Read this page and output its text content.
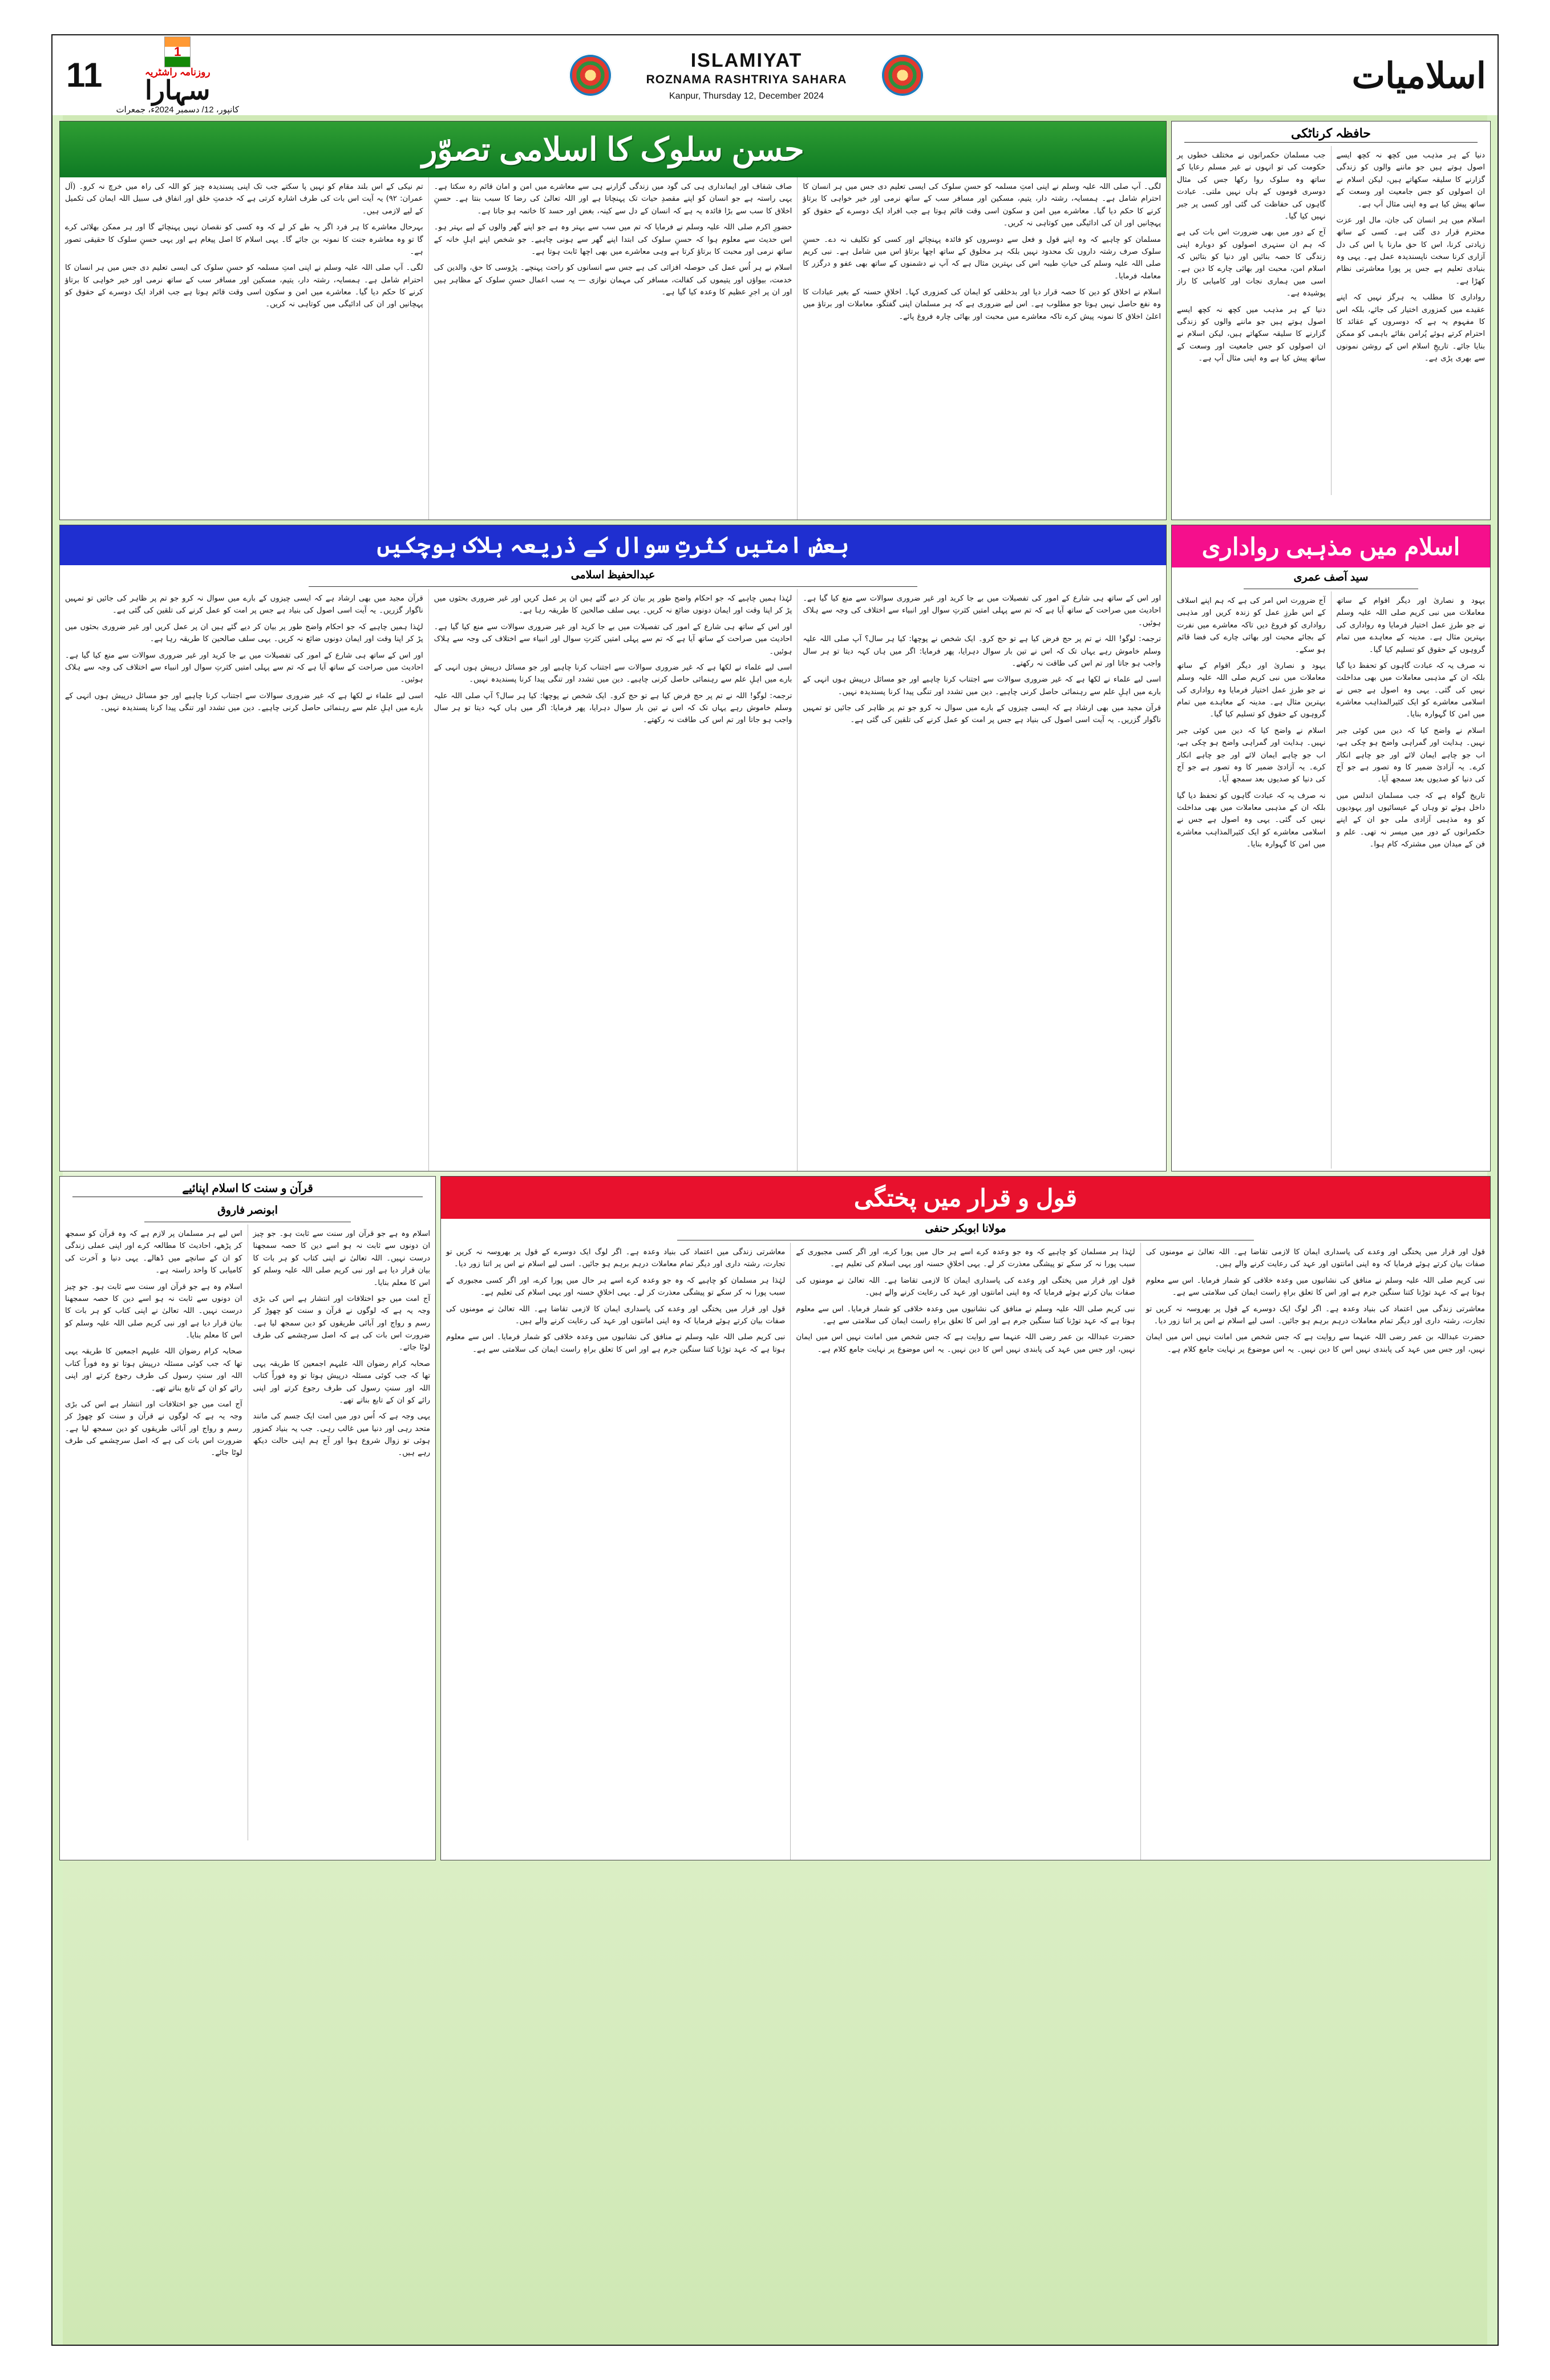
11
1
روزنامہ راشٹریہ
سہارا
کانپور، 12/ دسمبر 2024ء، جمعرات
ISLAMIYAT
ROZNAMA RASHTRIYA SAHARA
Kanpur, Thursday 12, December 2024
اسلامیات
حسن سلوک کا اسلامی تصوّر

لگی۔ آپ صلی اللہ علیہ وسلم نے اپنی امتِ مسلمہ کو حسنِ سلوک کی ایسی تعلیم دی جس میں ہر انسان کا احترام شامل ہے۔ ہمسایہ، رشتہ دار، یتیم، مسکین اور مسافر سب کے ساتھ نرمی اور خیر خواہی کا برتاؤ کرنے کا حکم دیا گیا۔ معاشرے میں امن و سکون اسی وقت قائم ہوتا ہے جب افراد ایک دوسرے کے حقوق کو پہچانیں اور ان کی ادائیگی میں کوتاہی نہ کریں۔

مسلمان کو چاہیے کہ وہ اپنے قول و فعل سے دوسروں کو فائدہ پہنچائے اور کسی کو تکلیف نہ دے۔ حسنِ سلوک صرف رشتہ داروں تک محدود نہیں بلکہ ہر مخلوق کے ساتھ اچھا برتاؤ اس میں شامل ہے۔ نبی کریم صلی اللہ علیہ وسلم کی حیاتِ طیبہ اس کی بہترین مثال ہے کہ آپ نے دشمنوں کے ساتھ بھی عفو و درگزر کا معاملہ فرمایا۔

اسلام نے اخلاق کو دین کا حصہ قرار دیا اور بدخلقی کو ایمان کی کمزوری کہا۔ اخلاقِ حسنہ کے بغیر عبادات کا وہ نفع حاصل نہیں ہوتا جو مطلوب ہے۔ اس لیے ضروری ہے کہ ہر مسلمان اپنی گفتگو، معاملات اور برتاؤ میں اعلیٰ اخلاق کا نمونہ پیش کرے تاکہ معاشرے میں محبت اور بھائی چارہ فروغ پائے۔

صاف شفاف اور ایمانداری ہی کی گود میں زندگی گزارنے ہی سے معاشرے میں امن و امان قائم رہ سکتا ہے۔ یہی راستہ ہے جو انسان کو اپنے مقصدِ حیات تک پہنچاتا ہے اور اللہ تعالیٰ کی رضا کا سبب بنتا ہے۔ حسنِ اخلاق کا سب سے بڑا فائدہ یہ ہے کہ انسان کے دل سے کینہ، بغض اور حسد کا خاتمہ ہو جاتا ہے۔

حضورِ اکرم صلی اللہ علیہ وسلم نے فرمایا کہ تم میں سب سے بہتر وہ ہے جو اپنے گھر والوں کے لیے بہتر ہو۔ اس حدیث سے معلوم ہوا کہ حسنِ سلوک کی ابتدا اپنے گھر سے ہونی چاہیے۔ جو شخص اپنے اہلِ خانہ کے ساتھ نرمی اور محبت کا برتاؤ کرتا ہے وہی معاشرے میں بھی اچھا ثابت ہوتا ہے۔

اسلام نے ہر اُس عمل کی حوصلہ افزائی کی ہے جس سے انسانوں کو راحت پہنچے۔ پڑوسی کا حق، والدین کی خدمت، بیواؤں اور یتیموں کی کفالت، مسافر کی مہمان نوازی — یہ سب اعمال حسنِ سلوک کے مظاہر ہیں اور ان پر اجرِ عظیم کا وعدہ کیا گیا ہے۔

تم نیکی کے اس بلند مقام کو نہیں پا سکتے جب تک اپنی پسندیدہ چیز کو اللہ کی راہ میں خرچ نہ کرو۔ (آل عمران: ۹۲) یہ آیت اس بات کی طرف اشارہ کرتی ہے کہ خدمتِ خلق اور انفاق فی سبیل اللہ ایمان کی تکمیل کے لیے لازمی ہیں۔

بہرحال معاشرے کا ہر فرد اگر یہ طے کر لے کہ وہ کسی کو نقصان نہیں پہنچائے گا اور ہر ممکن بھلائی کرے گا تو وہ معاشرہ جنت کا نمونہ بن جائے گا۔ یہی اسلام کا اصل پیغام ہے اور یہی حسنِ سلوک کا حقیقی تصور ہے۔

لگی۔ آپ صلی اللہ علیہ وسلم نے اپنی امتِ مسلمہ کو حسنِ سلوک کی ایسی تعلیم دی جس میں ہر انسان کا احترام شامل ہے۔ ہمسایہ، رشتہ دار، یتیم، مسکین اور مسافر سب کے ساتھ نرمی اور خیر خواہی کا برتاؤ کرنے کا حکم دیا گیا۔ معاشرے میں امن و سکون اسی وقت قائم ہوتا ہے جب افراد ایک دوسرے کے حقوق کو پہچانیں اور ان کی ادائیگی میں کوتاہی نہ کریں۔

حافظہ کرناٹکی

دنیا کے ہر مذہب میں کچھ نہ کچھ ایسے اصول ہوتے ہیں جو ماننے والوں کو زندگی گزارنے کا سلیقہ سکھاتے ہیں، لیکن اسلام نے ان اصولوں کو جس جامعیت اور وسعت کے ساتھ پیش کیا ہے وہ اپنی مثال آپ ہے۔

اسلام میں ہر انسان کی جان، مال اور عزت محترم قرار دی گئی ہے۔ کسی کے ساتھ زیادتی کرنا، اس کا حق مارنا یا اس کی دل آزاری کرنا سخت ناپسندیدہ عمل ہے۔ یہی وہ بنیادی تعلیم ہے جس پر پورا معاشرتی نظام کھڑا ہے۔

رواداری کا مطلب یہ ہرگز نہیں کہ اپنے عقیدے میں کمزوری اختیار کی جائے، بلکہ اس کا مفہوم یہ ہے کہ دوسروں کے عقائد کا احترام کرتے ہوئے پُرامن بقائے باہمی کو ممکن بنایا جائے۔ تاریخِ اسلام اس کے روشن نمونوں سے بھری پڑی ہے۔

جب مسلمان حکمرانوں نے مختلف خطوں پر حکومت کی تو انہوں نے غیر مسلم رعایا کے ساتھ وہ سلوک روا رکھا جس کی مثال دوسری قوموں کے ہاں نہیں ملتی۔ عبادت گاہوں کی حفاظت کی گئی اور کسی پر جبر نہیں کیا گیا۔

آج کے دور میں بھی ضرورت اس بات کی ہے کہ ہم ان سنہری اصولوں کو دوبارہ اپنی زندگی کا حصہ بنائیں اور دنیا کو بتائیں کہ اسلام امن، محبت اور بھائی چارے کا دین ہے۔ اسی میں ہماری نجات اور کامیابی کا راز پوشیدہ ہے۔

دنیا کے ہر مذہب میں کچھ نہ کچھ ایسے اصول ہوتے ہیں جو ماننے والوں کو زندگی گزارنے کا سلیقہ سکھاتے ہیں، لیکن اسلام نے ان اصولوں کو جس جامعیت اور وسعت کے ساتھ پیش کیا ہے وہ اپنی مثال آپ ہے۔

بعض امتیں کثرتِ سوال کے ذریعہ ہلاک ہوچکیں
عبدالحفیظ اسلامی

اور اس کے ساتھ ہی شارع کے امور کی تفصیلات میں بے جا کرید اور غیر ضروری سوالات سے منع کیا گیا ہے۔ احادیث میں صراحت کے ساتھ آیا ہے کہ تم سے پہلی امتیں کثرتِ سوال اور انبیاء سے اختلاف کی وجہ سے ہلاک ہوئیں۔

ترجمہ: لوگو! اللہ نے تم پر حج فرض کیا ہے تو حج کرو۔ ایک شخص نے پوچھا: کیا ہر سال؟ آپ صلی اللہ علیہ وسلم خاموش رہے یہاں تک کہ اس نے تین بار سوال دہرایا، پھر فرمایا: اگر میں ہاں کہہ دیتا تو ہر سال واجب ہو جاتا اور تم اس کی طاقت نہ رکھتے۔

اسی لیے علماء نے لکھا ہے کہ غیر ضروری سوالات سے اجتناب کرنا چاہیے اور جو مسائل درپیش ہوں انہی کے بارے میں اہلِ علم سے رہنمائی حاصل کرنی چاہیے۔ دین میں تشدد اور تنگی پیدا کرنا پسندیدہ نہیں۔

قرآن مجید میں بھی ارشاد ہے کہ ایسی چیزوں کے بارے میں سوال نہ کرو جو تم پر ظاہر کی جائیں تو تمہیں ناگوار گزریں۔ یہ آیت اسی اصول کی بنیاد ہے جس پر امت کو عمل کرنے کی تلقین کی گئی ہے۔

لہٰذا ہمیں چاہیے کہ جو احکام واضح طور پر بیان کر دیے گئے ہیں ان پر عمل کریں اور غیر ضروری بحثوں میں پڑ کر اپنا وقت اور ایمان دونوں ضائع نہ کریں۔ یہی سلف صالحین کا طریقہ رہا ہے۔

اور اس کے ساتھ ہی شارع کے امور کی تفصیلات میں بے جا کرید اور غیر ضروری سوالات سے منع کیا گیا ہے۔ احادیث میں صراحت کے ساتھ آیا ہے کہ تم سے پہلی امتیں کثرتِ سوال اور انبیاء سے اختلاف کی وجہ سے ہلاک ہوئیں۔

اسی لیے علماء نے لکھا ہے کہ غیر ضروری سوالات سے اجتناب کرنا چاہیے اور جو مسائل درپیش ہوں انہی کے بارے میں اہلِ علم سے رہنمائی حاصل کرنی چاہیے۔ دین میں تشدد اور تنگی پیدا کرنا پسندیدہ نہیں۔

ترجمہ: لوگو! اللہ نے تم پر حج فرض کیا ہے تو حج کرو۔ ایک شخص نے پوچھا: کیا ہر سال؟ آپ صلی اللہ علیہ وسلم خاموش رہے یہاں تک کہ اس نے تین بار سوال دہرایا، پھر فرمایا: اگر میں ہاں کہہ دیتا تو ہر سال واجب ہو جاتا اور تم اس کی طاقت نہ رکھتے۔

قرآن مجید میں بھی ارشاد ہے کہ ایسی چیزوں کے بارے میں سوال نہ کرو جو تم پر ظاہر کی جائیں تو تمہیں ناگوار گزریں۔ یہ آیت اسی اصول کی بنیاد ہے جس پر امت کو عمل کرنے کی تلقین کی گئی ہے۔

لہٰذا ہمیں چاہیے کہ جو احکام واضح طور پر بیان کر دیے گئے ہیں ان پر عمل کریں اور غیر ضروری بحثوں میں پڑ کر اپنا وقت اور ایمان دونوں ضائع نہ کریں۔ یہی سلف صالحین کا طریقہ رہا ہے۔

اور اس کے ساتھ ہی شارع کے امور کی تفصیلات میں بے جا کرید اور غیر ضروری سوالات سے منع کیا گیا ہے۔ احادیث میں صراحت کے ساتھ آیا ہے کہ تم سے پہلی امتیں کثرتِ سوال اور انبیاء سے اختلاف کی وجہ سے ہلاک ہوئیں۔

اسی لیے علماء نے لکھا ہے کہ غیر ضروری سوالات سے اجتناب کرنا چاہیے اور جو مسائل درپیش ہوں انہی کے بارے میں اہلِ علم سے رہنمائی حاصل کرنی چاہیے۔ دین میں تشدد اور تنگی پیدا کرنا پسندیدہ نہیں۔

اسلام میں مذہبی رواداری
سید آصف عمری

یہود و نصاریٰ اور دیگر اقوام کے ساتھ معاملات میں نبی کریم صلی اللہ علیہ وسلم نے جو طرزِ عمل اختیار فرمایا وہ رواداری کی بہترین مثال ہے۔ مدینہ کے معاہدے میں تمام گروہوں کے حقوق کو تسلیم کیا گیا۔

نہ صرف یہ کہ عبادت گاہوں کو تحفظ دیا گیا بلکہ ان کے مذہبی معاملات میں بھی مداخلت نہیں کی گئی۔ یہی وہ اصول ہے جس نے اسلامی معاشرے کو ایک کثیرالمذاہب معاشرے میں امن کا گہوارہ بنایا۔

اسلام نے واضح کیا کہ دین میں کوئی جبر نہیں۔ ہدایت اور گمراہی واضح ہو چکی ہے، اب جو چاہے ایمان لائے اور جو چاہے انکار کرے۔ یہ آزادیٔ ضمیر کا وہ تصور ہے جو آج کی دنیا کو صدیوں بعد سمجھ آیا۔

تاریخ گواہ ہے کہ جب مسلمان اندلس میں داخل ہوئے تو وہاں کے عیسائیوں اور یہودیوں کو وہ مذہبی آزادی ملی جو ان کے اپنے حکمرانوں کے دور میں میسر نہ تھی۔ علم و فن کے میدان میں مشترکہ کام ہوا۔

آج ضرورت اس امر کی ہے کہ ہم اپنے اسلاف کے اس طرزِ عمل کو زندہ کریں اور مذہبی رواداری کو فروغ دیں تاکہ معاشرے میں نفرت کے بجائے محبت اور بھائی چارے کی فضا قائم ہو سکے۔

یہود و نصاریٰ اور دیگر اقوام کے ساتھ معاملات میں نبی کریم صلی اللہ علیہ وسلم نے جو طرزِ عمل اختیار فرمایا وہ رواداری کی بہترین مثال ہے۔ مدینہ کے معاہدے میں تمام گروہوں کے حقوق کو تسلیم کیا گیا۔

اسلام نے واضح کیا کہ دین میں کوئی جبر نہیں۔ ہدایت اور گمراہی واضح ہو چکی ہے، اب جو چاہے ایمان لائے اور جو چاہے انکار کرے۔ یہ آزادیٔ ضمیر کا وہ تصور ہے جو آج کی دنیا کو صدیوں بعد سمجھ آیا۔

نہ صرف یہ کہ عبادت گاہوں کو تحفظ دیا گیا بلکہ ان کے مذہبی معاملات میں بھی مداخلت نہیں کی گئی۔ یہی وہ اصول ہے جس نے اسلامی معاشرے کو ایک کثیرالمذاہب معاشرے میں امن کا گہوارہ بنایا۔

قرآن و سنت کا اسلام اپنائیے
ابونصر فاروق

اسلام وہ ہے جو قرآن اور سنت سے ثابت ہو۔ جو چیز ان دونوں سے ثابت نہ ہو اسے دین کا حصہ سمجھنا درست نہیں۔ اللہ تعالیٰ نے اپنی کتاب کو ہر بات کا بیان قرار دیا ہے اور نبی کریم صلی اللہ علیہ وسلم کو اس کا معلم بنایا۔

آج امت میں جو اختلافات اور انتشار ہے اس کی بڑی وجہ یہ ہے کہ لوگوں نے قرآن و سنت کو چھوڑ کر رسم و رواج اور آبائی طریقوں کو دین سمجھ لیا ہے۔ ضرورت اس بات کی ہے کہ اصل سرچشمے کی طرف لوٹا جائے۔

صحابہ کرام رضوان اللہ علیہم اجمعین کا طریقہ یہی تھا کہ جب کوئی مسئلہ درپیش ہوتا تو وہ فوراً کتاب اللہ اور سنتِ رسول کی طرف رجوع کرتے اور اپنی رائے کو ان کے تابع بناتے تھے۔

یہی وجہ ہے کہ اُس دور میں امت ایک جسم کی مانند متحد رہی اور دنیا میں غالب رہی۔ جب یہ بنیاد کمزور ہوئی تو زوال شروع ہوا اور آج ہم اپنی حالت دیکھ رہے ہیں۔

اس لیے ہر مسلمان پر لازم ہے کہ وہ قرآن کو سمجھ کر پڑھے، احادیث کا مطالعہ کرے اور اپنی عملی زندگی کو ان کے سانچے میں ڈھالے۔ یہی دنیا و آخرت کی کامیابی کا واحد راستہ ہے۔

اسلام وہ ہے جو قرآن اور سنت سے ثابت ہو۔ جو چیز ان دونوں سے ثابت نہ ہو اسے دین کا حصہ سمجھنا درست نہیں۔ اللہ تعالیٰ نے اپنی کتاب کو ہر بات کا بیان قرار دیا ہے اور نبی کریم صلی اللہ علیہ وسلم کو اس کا معلم بنایا۔

صحابہ کرام رضوان اللہ علیہم اجمعین کا طریقہ یہی تھا کہ جب کوئی مسئلہ درپیش ہوتا تو وہ فوراً کتاب اللہ اور سنتِ رسول کی طرف رجوع کرتے اور اپنی رائے کو ان کے تابع بناتے تھے۔

آج امت میں جو اختلافات اور انتشار ہے اس کی بڑی وجہ یہ ہے کہ لوگوں نے قرآن و سنت کو چھوڑ کر رسم و رواج اور آبائی طریقوں کو دین سمجھ لیا ہے۔ ضرورت اس بات کی ہے کہ اصل سرچشمے کی طرف لوٹا جائے۔

قول و قرار میں پختگی
مولانا ابوبکر حنفی

قول اور قرار میں پختگی اور وعدے کی پاسداری ایمان کا لازمی تقاضا ہے۔ اللہ تعالیٰ نے مومنوں کی صفات بیان کرتے ہوئے فرمایا کہ وہ اپنی امانتوں اور عہد کی رعایت کرنے والے ہیں۔

نبی کریم صلی اللہ علیہ وسلم نے منافق کی نشانیوں میں وعدہ خلافی کو شمار فرمایا۔ اس سے معلوم ہوتا ہے کہ عہد توڑنا کتنا سنگین جرم ہے اور اس کا تعلق براہِ راست ایمان کی سلامتی سے ہے۔

معاشرتی زندگی میں اعتماد کی بنیاد وعدہ ہے۔ اگر لوگ ایک دوسرے کے قول پر بھروسہ نہ کریں تو تجارت، رشتہ داری اور دیگر تمام معاملات درہم برہم ہو جائیں۔ اسی لیے اسلام نے اس پر اتنا زور دیا۔

حضرت عبداللہ بن عمر رضی اللہ عنہما سے روایت ہے کہ جس شخص میں امانت نہیں اس میں ایمان نہیں، اور جس میں عہد کی پابندی نہیں اس کا دین نہیں۔ یہ اس موضوع پر نہایت جامع کلام ہے۔

لہٰذا ہر مسلمان کو چاہیے کہ وہ جو وعدہ کرے اسے ہر حال میں پورا کرے، اور اگر کسی مجبوری کے سبب پورا نہ کر سکے تو پیشگی معذرت کر لے۔ یہی اخلاقِ حسنہ اور یہی اسلام کی تعلیم ہے۔

قول اور قرار میں پختگی اور وعدے کی پاسداری ایمان کا لازمی تقاضا ہے۔ اللہ تعالیٰ نے مومنوں کی صفات بیان کرتے ہوئے فرمایا کہ وہ اپنی امانتوں اور عہد کی رعایت کرنے والے ہیں۔

نبی کریم صلی اللہ علیہ وسلم نے منافق کی نشانیوں میں وعدہ خلافی کو شمار فرمایا۔ اس سے معلوم ہوتا ہے کہ عہد توڑنا کتنا سنگین جرم ہے اور اس کا تعلق براہِ راست ایمان کی سلامتی سے ہے۔

حضرت عبداللہ بن عمر رضی اللہ عنہما سے روایت ہے کہ جس شخص میں امانت نہیں اس میں ایمان نہیں، اور جس میں عہد کی پابندی نہیں اس کا دین نہیں۔ یہ اس موضوع پر نہایت جامع کلام ہے۔

معاشرتی زندگی میں اعتماد کی بنیاد وعدہ ہے۔ اگر لوگ ایک دوسرے کے قول پر بھروسہ نہ کریں تو تجارت، رشتہ داری اور دیگر تمام معاملات درہم برہم ہو جائیں۔ اسی لیے اسلام نے اس پر اتنا زور دیا۔

لہٰذا ہر مسلمان کو چاہیے کہ وہ جو وعدہ کرے اسے ہر حال میں پورا کرے، اور اگر کسی مجبوری کے سبب پورا نہ کر سکے تو پیشگی معذرت کر لے۔ یہی اخلاقِ حسنہ اور یہی اسلام کی تعلیم ہے۔

قول اور قرار میں پختگی اور وعدے کی پاسداری ایمان کا لازمی تقاضا ہے۔ اللہ تعالیٰ نے مومنوں کی صفات بیان کرتے ہوئے فرمایا کہ وہ اپنی امانتوں اور عہد کی رعایت کرنے والے ہیں۔

نبی کریم صلی اللہ علیہ وسلم نے منافق کی نشانیوں میں وعدہ خلافی کو شمار فرمایا۔ اس سے معلوم ہوتا ہے کہ عہد توڑنا کتنا سنگین جرم ہے اور اس کا تعلق براہِ راست ایمان کی سلامتی سے ہے۔
